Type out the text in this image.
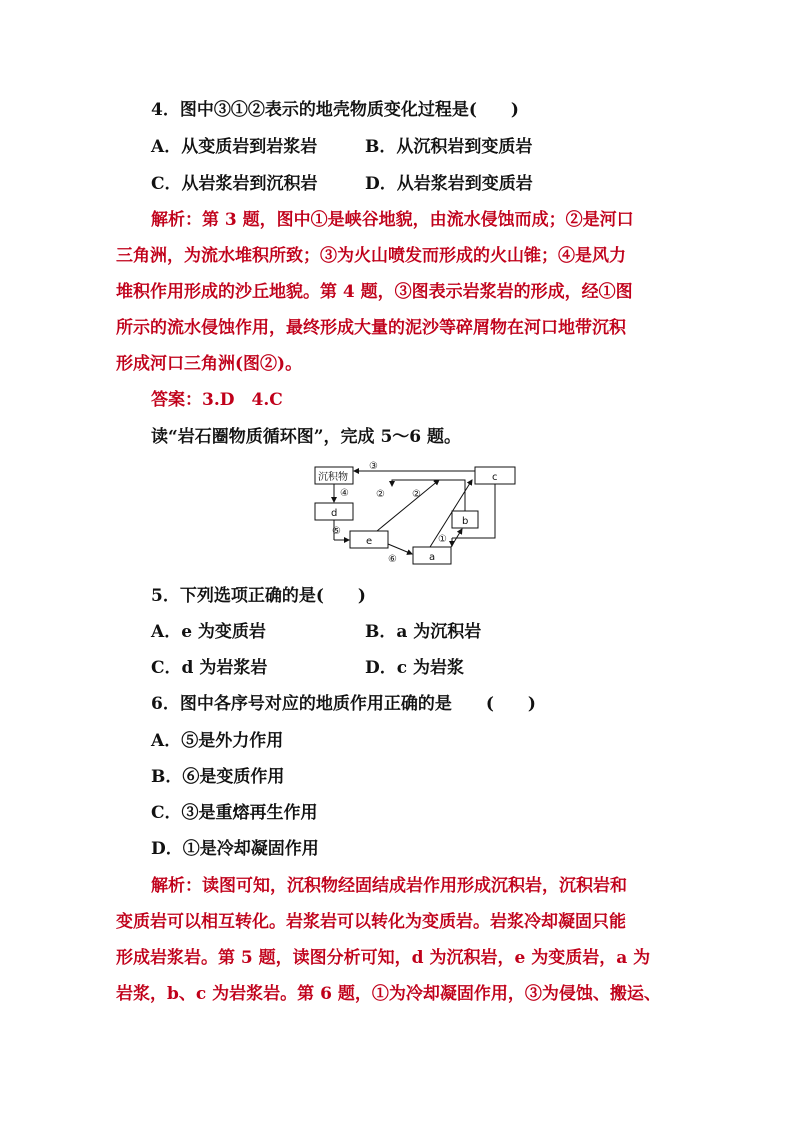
4．图中③①②表示的地壳物质变化过程是(　　)
A．从变质岩到岩浆岩	B．从沉积岩到变质岩
C．从岩浆岩到沉积岩	D．从岩浆岩到变质岩
解析：第 3 题，图中①是峡谷地貌，由流水侵蚀而成；②是河口
三角洲，为流水堆积所致；③为火山喷发而形成的火山锥；④是风力
堆积作用形成的沙丘地貌。第 4 题，③图表示岩浆岩的形成，经①图
所示的流水侵蚀作用，最终形成大量的泥沙等碎屑物在河口地带沉积
形成河口三角洲(图②)。
答案：3.D　4.C
读“岩石圈物质循环图”，完成 5～6 题。
沉积物	c
d
b
e
a
③
④	②	②
⑤
⑥
①
5．下列选项正确的是(　　)
A．e 为变质岩	B．a 为沉积岩
C．d 为岩浆岩	D．c 为岩浆
6．图中各序号对应的地质作用正确的是　　(　　)
A．⑤是外力作用
B．⑥是变质作用
C．③是重熔再生作用
D．①是冷却凝固作用
解析：读图可知，沉积物经固结成岩作用形成沉积岩，沉积岩和
变质岩可以相互转化。岩浆岩可以转化为变质岩。岩浆冷却凝固只能
形成岩浆岩。第 5 题，读图分析可知，d 为沉积岩，e 为变质岩，a 为
岩浆，b、c 为岩浆岩。第 6 题，①为冷却凝固作用，③为侵蚀、搬运、
